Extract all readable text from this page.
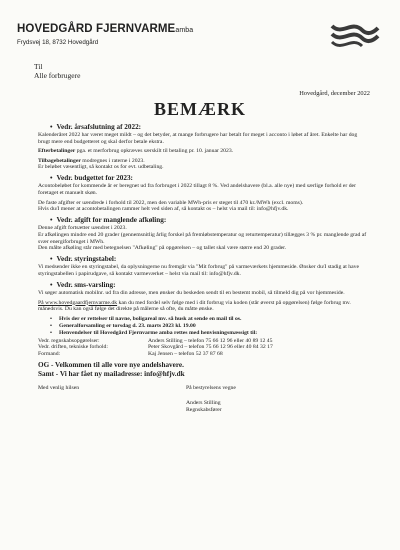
HOVEDGÅRD FJERNVARMEamba
Frydsvej 18, 8732 Hovedgård
Til
Alle forbrugere
Hovedgård, december 2022
BEMÆRK
• Vedr. årsafslutning af 2022:

Kalenderåret 2022 har været meget mildt – og det betyder, at mange forbrugere har betalt for meget i acconto i løbet af året. Enkelte har dog brugt mere end budgetteret og skal derfor betale ekstra.

Efterbetalinger pga. et merforbrug opkræves særskilt til betaling pr. 10. januar 2023.

Tilbagebetalinger modregnes i raterne i 2023.

Er beløbet væsentligt, så kontakt os for evt. udbetaling.

• Vedr. budgettet for 2023:

Acontobeløbet for kommende år er beregnet ud fra forbruget i 2022 tillagt 8 %. Ved andelshavere (bl.a. alle nye) med særlige forhold er der foretaget et manuelt skøn.

De faste afgifter er uændrede i forhold til 2022, men den variable MWh-pris er steget til 470 kr./MWh (excl. moms).

Hvis du/I mener at acontobetalingen rammer helt ved siden af, så kontakt os – helst via mail til: info@hfjv.dk.

• Vedr. afgift for manglende afkøling:

Denne afgift fortsætter uændret i 2023.

Er afkølingen mindre end 20 grader (gennemsnitlig årlig forskel på fremløbstemperatur og returtemperatur) tillægges 3 % pr. manglende grad af svær energiforbruget i MWh.

Den målte afkøling står med betegnelsen "Afkøling" på opgørelsen – og tallet skal være større end 20 grader.

• Vedr. styringstabel:

Vi medsender ikke en styringstabel, da oplysningerne nu fremgår via "Mit forbrug" på varmeværkets hjemmeside. Ønsker du/I stadig at have styringstabellen i papirudgave, så kontakt varmeværket – helst via mail til: info@hfjv.dk.

• Vedr. sms-varsling:

Vi søger automatisk mobilnr. ud fra din adresse, men ønsker du beskeden sendt til en bestemt mobil, så tilmeld dig på vor hjemmeside.

På www.hovedgaardfjernvarme.dk kan du med fordel selv følge med i dit forbrug via koden (står øverst på opgørelsen) følge forbrug mv. månedsvis. Du kan også følge det direkte på målerne så ofte, du måtte ønske.

•	Hvis der er rettelser til navne, boligareal mv. så husk at sende en mail til os.
•	Generalforsamling er torsdag d. 23. marts 2023 kl. 19.00
•	Henvendelser til Hovedgård Fjernvarme amba rettes med henvisningsmæssigt til:
Vedr. regnskabsopgørelser:	Anders Stilling – telefon 75 66 12 96 eller 40 89 12 45
Vedr. driften, tekniske forhold:	Peter Skovgård – telefon 75 66 12 96 eller 40 84 32 17
Formand:	Kaj Jensen – telefon 52 37 87 68
OG - Velkommen til alle vore nye andelshavere.
Samt - Vi har fået ny mailadresse: info@hfjv.dk
Med venlig hilsen	På bestyrelsens vegne
Anders Stilling
Regnskabsfører
